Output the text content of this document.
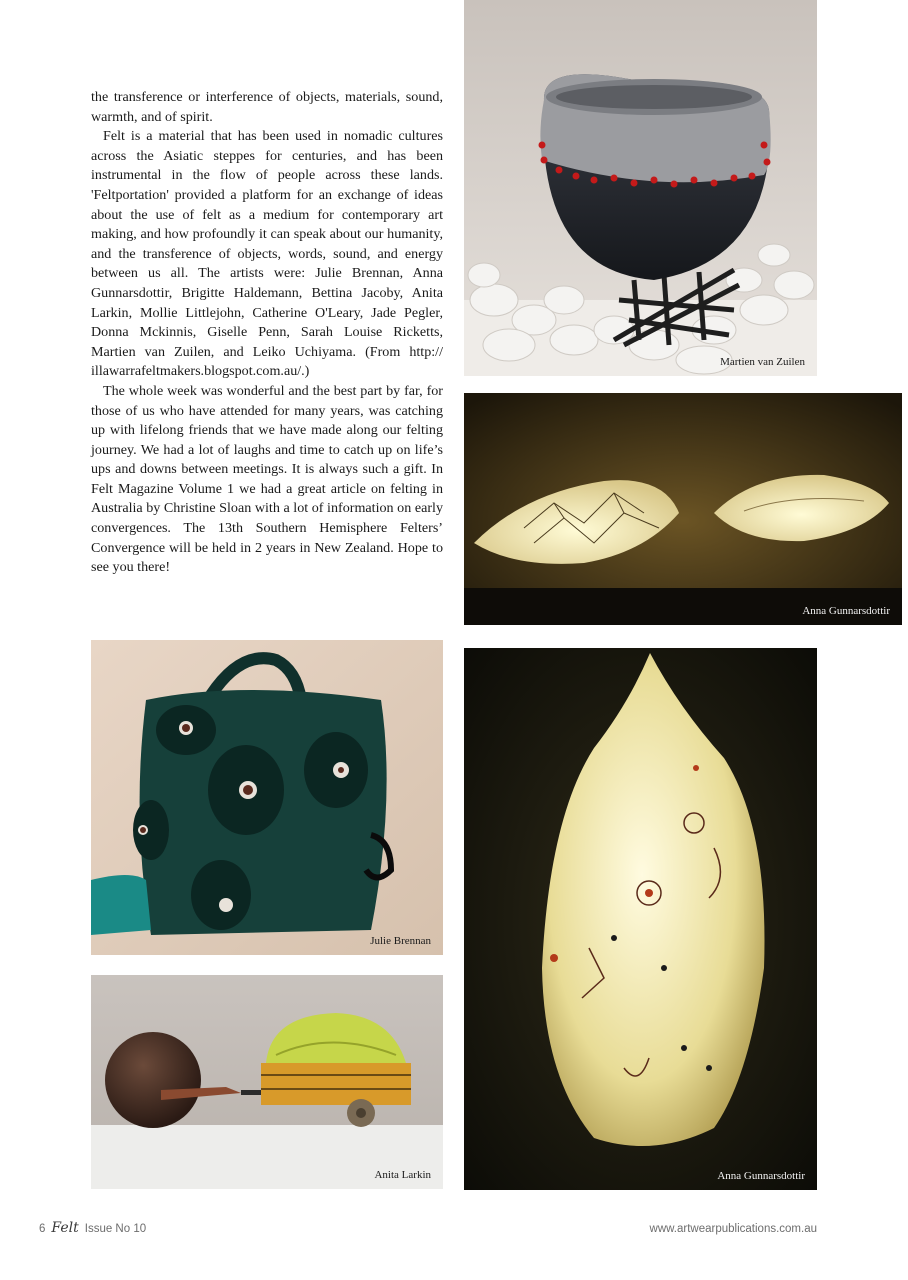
the transference or interference of objects, materials, sound, warmth, and of spirit.

Felt is a material that has been used in nomadic cultures across the Asiatic steppes for centuries, and has been instrumental in the flow of people across these lands. 'Feltportation' provided a platform for an exchange of ideas about the use of felt as a medium for contemporary art making, and how profoundly it can speak about our humanity, and the transference of objects, words, sound, and energy between us all. The artists were: Julie Brennan, Anna Gunnarsdottir, Brigitte Haldemann, Bettina Jacoby, Anita Larkin, Mollie Littlejohn, Catherine O'Leary, Jade Pegler, Donna Mckinnis, Giselle Penn, Sarah Louise Ricketts, Martien van Zuilen, and Leiko Uchiyama. (From http:// illawarrafeltmakers.blogspot.com.au/.)

The whole week was wonderful and the best part by far, for those of us who have attended for many years, was catching up with lifelong friends that we have made along our felting journey. We had a lot of laughs and time to catch up on life’s ups and downs between meetings. It is always such a gift. In Felt Magazine Volume 1 we had a great article on felting in Australia by Christine Sloan with a lot of information on early convergences. The 13th Southern Hemisphere Felters’ Convergence will be held in 2 years in New Zealand. Hope to see you there!

Martien van Zuilen
Anna Gunnarsdottir
Julie Brennan
Anita Larkin	Anna Gunnarsdottir
6 Felt Issue No 10	www.artwearpublications.com.au
